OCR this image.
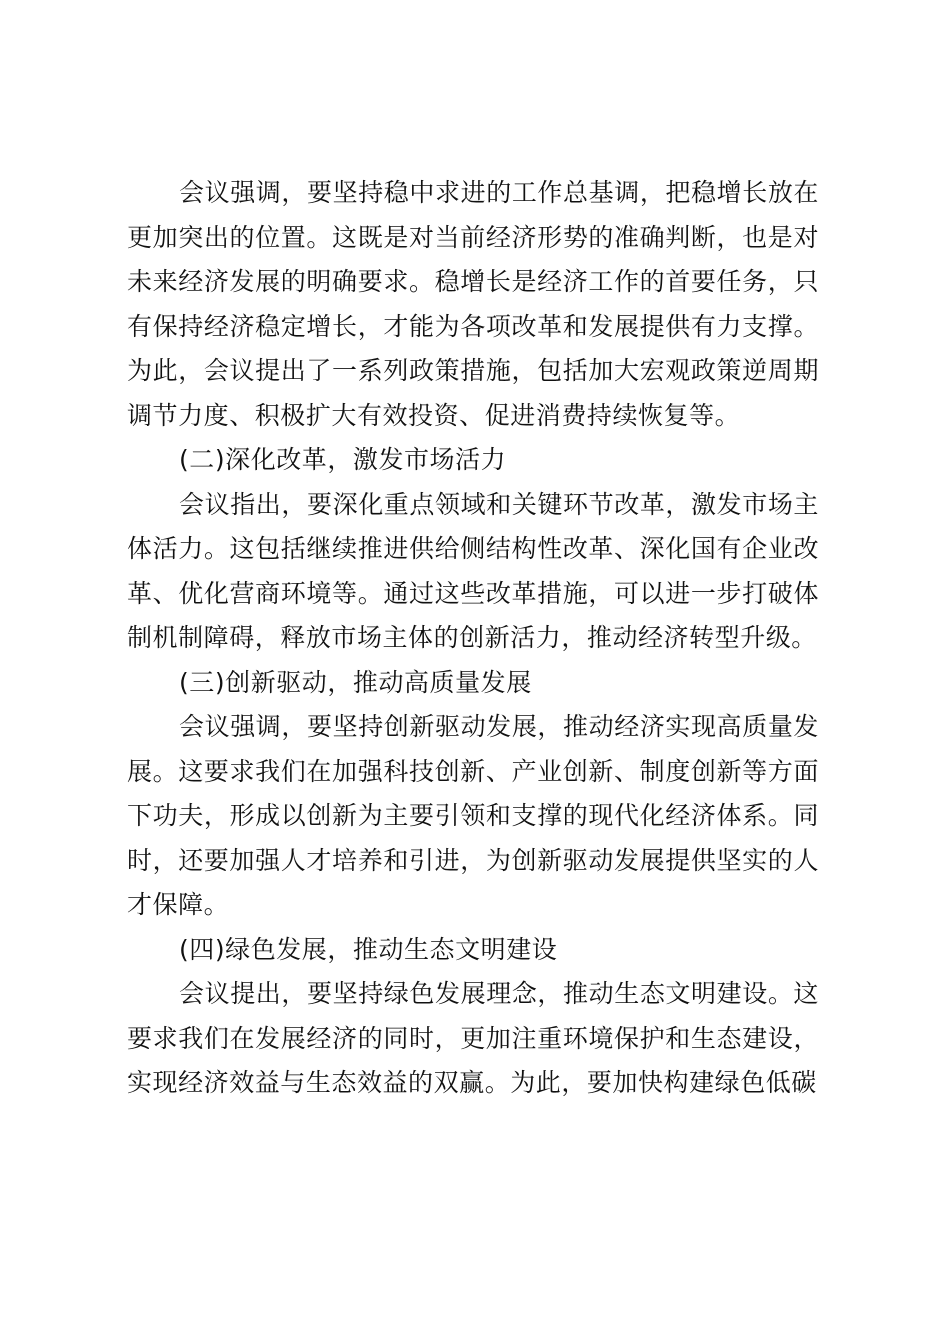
会议强调，要坚持稳中求进的工作总基调，把稳增长放在更加突出的位置。这既是对当前经济形势的准确判断，也是对未来经济发展的明确要求。稳增长是经济工作的首要任务，只有保持经济稳定增长，才能为各项改革和发展提供有力支撑。为此，会议提出了一系列政策措施，包括加大宏观政策逆周期调节力度、积极扩大有效投资、促进消费持续恢复等。

(二)深化改革，激发市场活力

会议指出，要深化重点领域和关键环节改革，激发市场主体活力。这包括继续推进供给侧结构性改革、深化国有企业改革、优化营商环境等。通过这些改革措施，可以进一步打破体制机制障碍，释放市场主体的创新活力，推动经济转型升级。

(三)创新驱动，推动高质量发展

会议强调，要坚持创新驱动发展，推动经济实现高质量发展。这要求我们在加强科技创新、产业创新、制度创新等方面下功夫，形成以创新为主要引领和支撑的现代化经济体系。同时，还要加强人才培养和引进，为创新驱动发展提供坚实的人才保障。

(四)绿色发展，推动生态文明建设

会议提出，要坚持绿色发展理念，推动生态文明建设。这要求我们在发展经济的同时，更加注重环境保护和生态建设，实现经济效益与生态效益的双赢。为此，要加快构建绿色低碳
